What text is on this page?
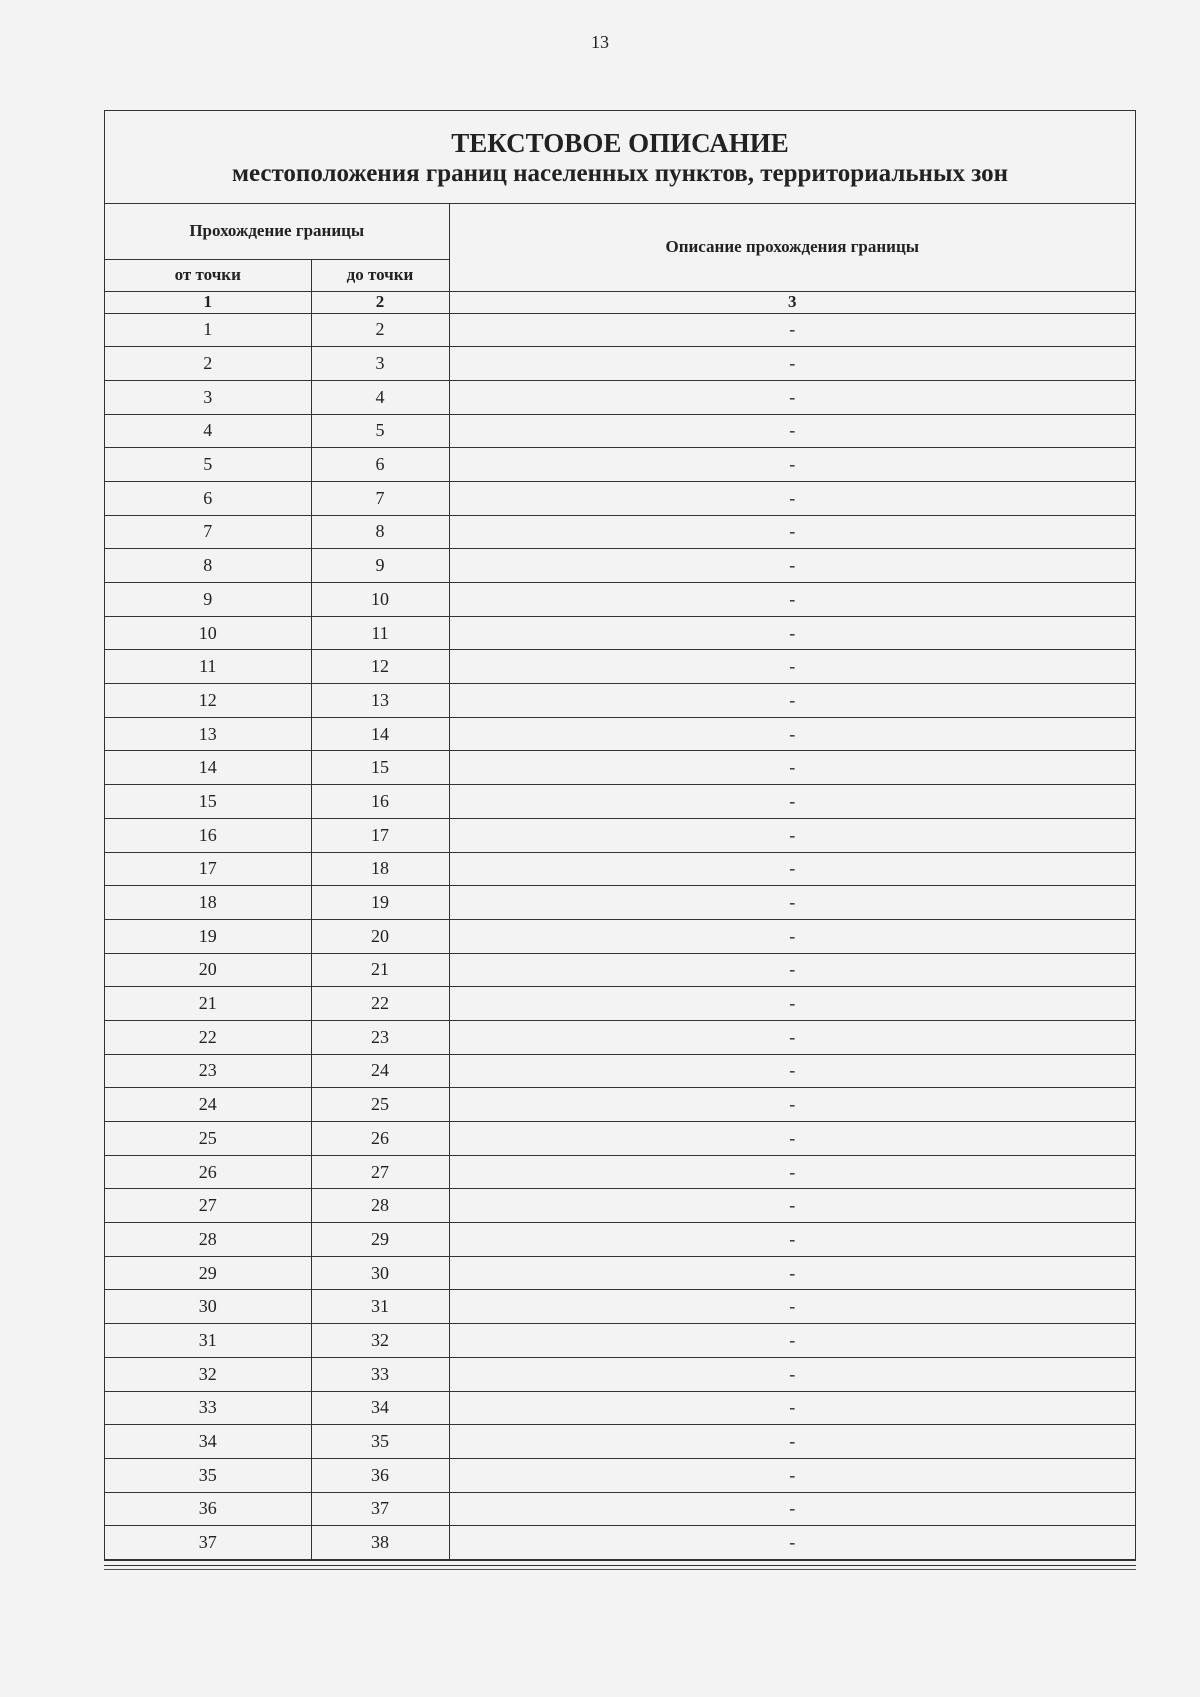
13
ТЕКСТОВОЕ ОПИСАНИЕ
местоположения границ населенных пунктов, территориальных зон
Прохождение границы		Описание прохождения границы
от точки	до точки	
1	2	3
1	2	-
2	3	-
3	4	-
4	5	-
5	6	-
6	7	-
7	8	-
8	9	-
9	10	-
10	11	-
11	12	-
12	13	-
13	14	-
14	15	-
15	16	-
16	17	-
17	18	-
18	19	-
19	20	-
20	21	-
21	22	-
22	23	-
23	24	-
24	25	-
25	26	-
26	27	-
27	28	-
28	29	-
29	30	-
30	31	-
31	32	-
32	33	-
33	34	-
34	35	-
35	36	-
36	37	-
37	38	-
